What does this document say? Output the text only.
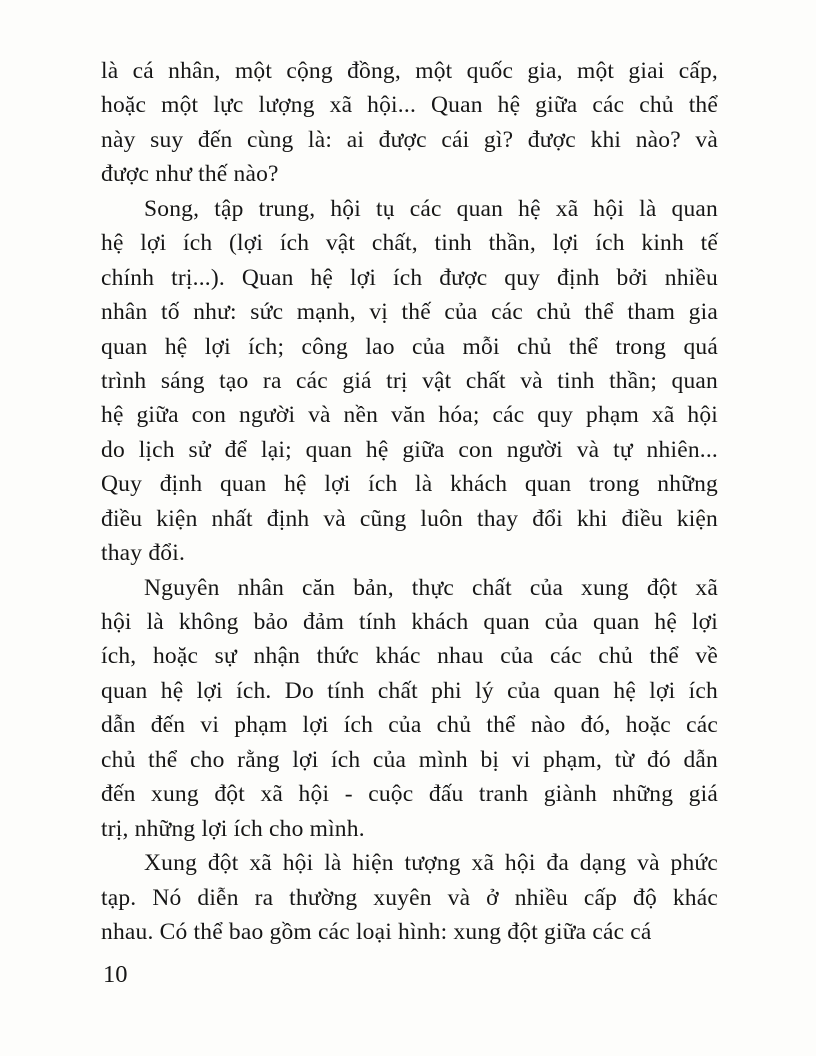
là cá nhân, một cộng đồng, một quốc gia, một giai cấp,
hoặc một lực lượng xã hội... Quan hệ giữa các chủ thể
này suy đến cùng là: ai được cái gì? được khi nào? và
được như thế nào?
Song, tập trung, hội tụ các quan hệ xã hội là quan
hệ lợi ích (lợi ích vật chất, tinh thần, lợi ích kinh tế
chính trị...). Quan hệ lợi ích được quy định bởi nhiều
nhân tố như: sức mạnh, vị thế của các chủ thể tham gia
quan hệ lợi ích; công lao của mỗi chủ thể trong quá
trình sáng tạo ra các giá trị vật chất và tinh thần; quan
hệ giữa con người và nền văn hóa; các quy phạm xã hội
do lịch sử để lại; quan hệ giữa con người và tự nhiên...
Quy định quan hệ lợi ích là khách quan trong những
điều kiện nhất định và cũng luôn thay đổi khi điều kiện
thay đổi.
Nguyên nhân căn bản, thực chất của xung đột xã
hội là không bảo đảm tính khách quan của quan hệ lợi
ích, hoặc sự nhận thức khác nhau của các chủ thể về
quan hệ lợi ích. Do tính chất phi lý của quan hệ lợi ích
dẫn đến vi phạm lợi ích của chủ thể nào đó, hoặc các
chủ thể cho rằng lợi ích của mình bị vi phạm, từ đó dẫn
đến xung đột xã hội - cuộc đấu tranh giành những giá
trị, những lợi ích cho mình.
Xung đột xã hội là hiện tượng xã hội đa dạng và phức
tạp. Nó diễn ra thường xuyên và ở nhiều cấp độ khác
nhau. Có thể bao gồm các loại hình: xung đột giữa các cá
10
